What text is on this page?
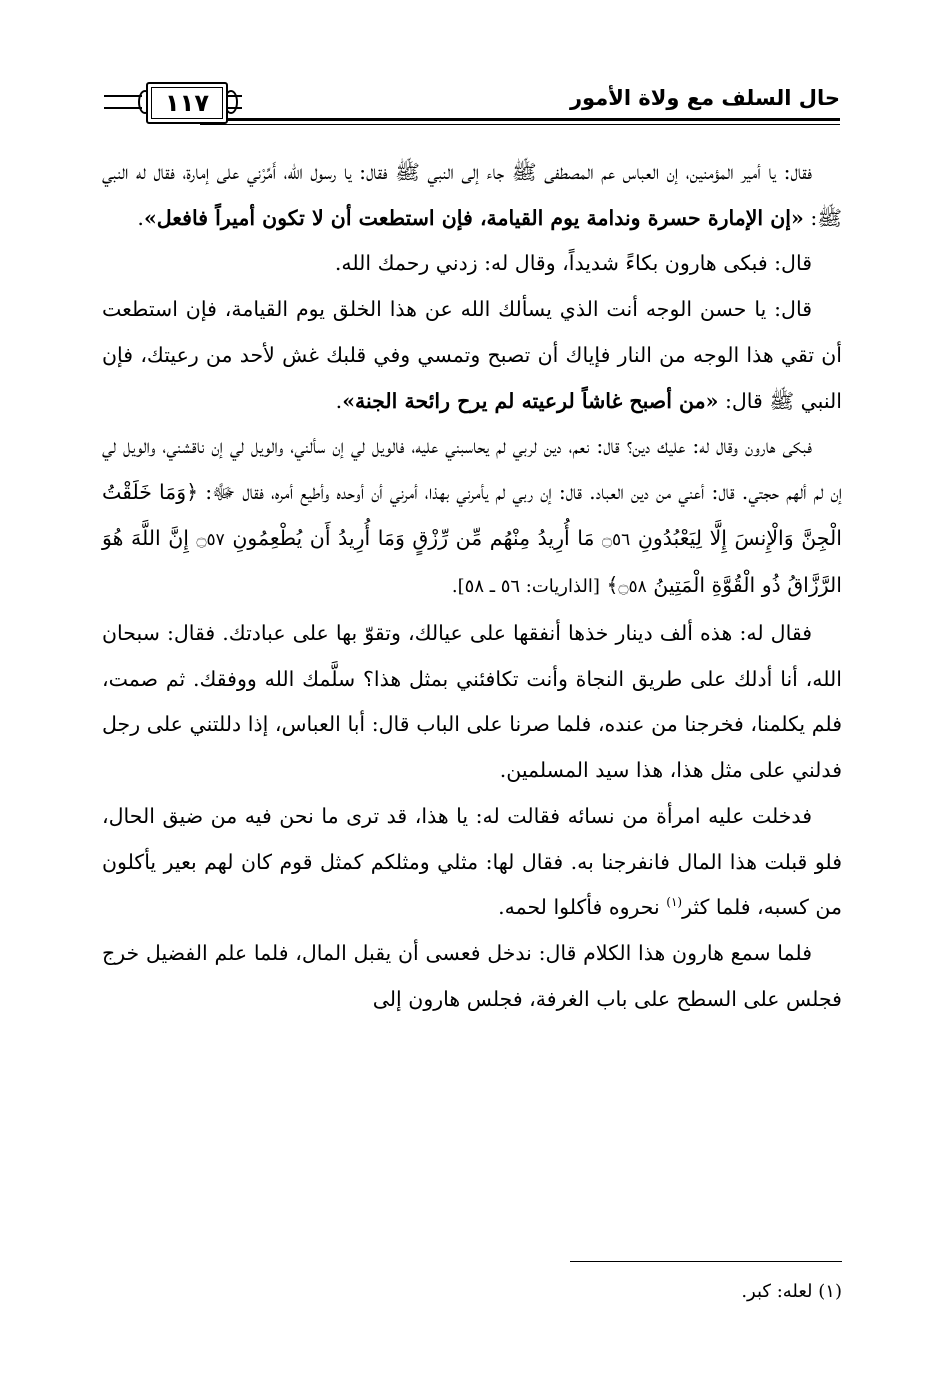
حال السلف مع ولاة الأمور
١١٧

فقال: يا أمير المؤمنين، إن العباس عم المصطفى ﷺ جاء إلى النبي ﷺ فقال: يا رسول الله، أَمِّرْني على إمارة، فقال له النبي ﷺ: «إن الإمارة حسرة وندامة يوم القيامة، فإن استطعت أن لا تكون أميراً فافعل».

قال: فبكى هارون بكاءً شديداً، وقال له: زدني رحمك الله.

قال: يا حسن الوجه أنت الذي يسألك الله عن هذا الخلق يوم القيامة، فإن استطعت أن تقي هذا الوجه من النار فإياك أن تصبح وتمسي وفي قلبك غش لأحد من رعيتك، فإن النبي ﷺ قال: «من أصبح غاشاً لرعيته لم يرح رائحة الجنة».

فبكى هارون وقال له: عليك دين؟ قال: نعم، دين لربي لم يحاسبني عليه، فالويل لي إن سألني، والويل لي إن ناقشني، والويل لي إن لم ألهم حجتي. قال: أعني من دين العباد. قال: إن ربي لم يأمرني بهذا، أمرني أن أوحده وأطيع أمره، فقال ﷻ: ﴿وَمَا خَلَقْتُ الْجِنَّ وَالْإِنسَ إِلَّا لِيَعْبُدُونِ ۝٥٦ مَا أُرِيدُ مِنْهُم مِّن رِّزْقٍ وَمَا أُرِيدُ أَن يُطْعِمُونِ ۝٥٧ إِنَّ اللَّهَ هُوَ الرَّزَّاقُ ذُو الْقُوَّةِ الْمَتِينُ ۝٥٨﴾ [الذاريات: ٥٦ ـ ٥٨].

فقال له: هذه ألف دينار خذها أنفقها على عيالك، وتقوّ بها على عبادتك. فقال: سبحان الله، أنا أدلك على طريق النجاة وأنت تكافئني بمثل هذا؟ سلَّمك الله ووفقك. ثم صمت، فلم يكلمنا، فخرجنا من عنده، فلما صرنا على الباب قال: أبا العباس، إذا دللتني على رجل فدلني على مثل هذا، هذا سيد المسلمين.

فدخلت عليه امرأة من نسائه فقالت له: يا هذا، قد ترى ما نحن فيه من ضيق الحال، فلو قبلت هذا المال فانفرجنا به. فقال لها: مثلي ومثلكم كمثل قوم كان لهم بعير يأكلون من كسبه، فلما كثر$^{(١)}$ نحروه فأكلوا لحمه.

فلما سمع هارون هذا الكلام قال: ندخل فعسى أن يقبل المال، فلما علم الفضيل خرج فجلس على السطح على باب الغرفة، فجلس هارون إلى

(١) لعله: كبر.
